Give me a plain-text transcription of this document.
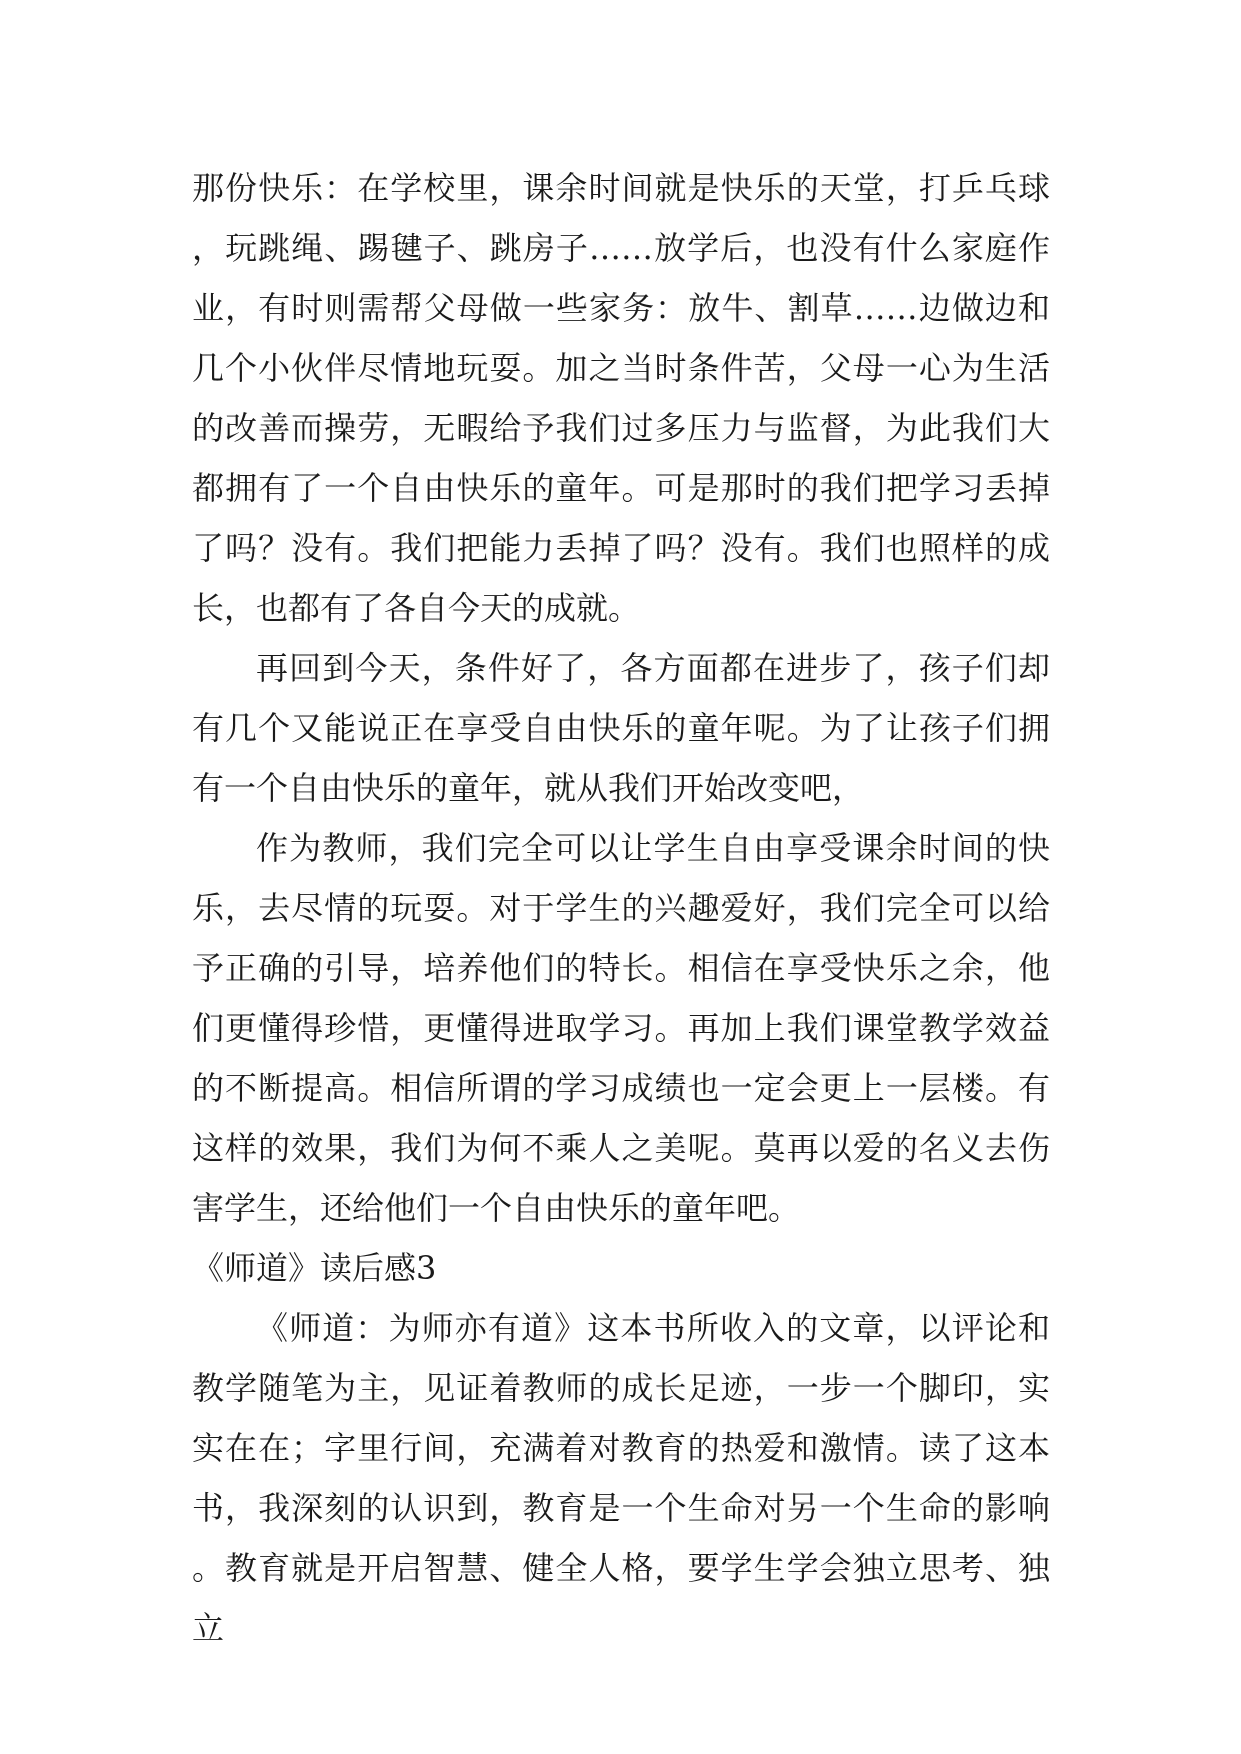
那份快乐：在学校里，课余时间就是快乐的天堂，打乒乓球，玩跳绳、踢毽子、跳房子……放学后，也没有什么家庭作业，有时则需帮父母做一些家务：放牛、割草……边做边和几个小伙伴尽情地玩耍。加之当时条件苦，父母一心为生活的改善而操劳，无暇给予我们过多压力与监督，为此我们大都拥有了一个自由快乐的童年。可是那时的我们把学习丢掉了吗？没有。我们把能力丢掉了吗？没有。我们也照样的成长，也都有了各自今天的成就。

再回到今天，条件好了，各方面都在进步了，孩子们却有几个又能说正在享受自由快乐的童年呢。为了让孩子们拥有一个自由快乐的童年，就从我们开始改变吧，

作为教师，我们完全可以让学生自由享受课余时间的快乐，去尽情的玩耍。对于学生的兴趣爱好，我们完全可以给予正确的引导，培养他们的特长。相信在享受快乐之余，他们更懂得珍惜，更懂得进取学习。再加上我们课堂教学效益的不断提高。相信所谓的学习成绩也一定会更上一层楼。有这样的效果，我们为何不乘人之美呢。莫再以爱的名义去伤害学生，还给他们一个自由快乐的童年吧。

《师道》读后感3

《师道：为师亦有道》这本书所收入的文章，以评论和教学随笔为主，见证着教师的成长足迹，一步一个脚印，实实在在；字里行间，充满着对教育的热爱和激情。读了这本书，我深刻的认识到，教育是一个生命对另一个生命的影响。教育就是开启智慧、健全人格，要学生学会独立思考、独立
